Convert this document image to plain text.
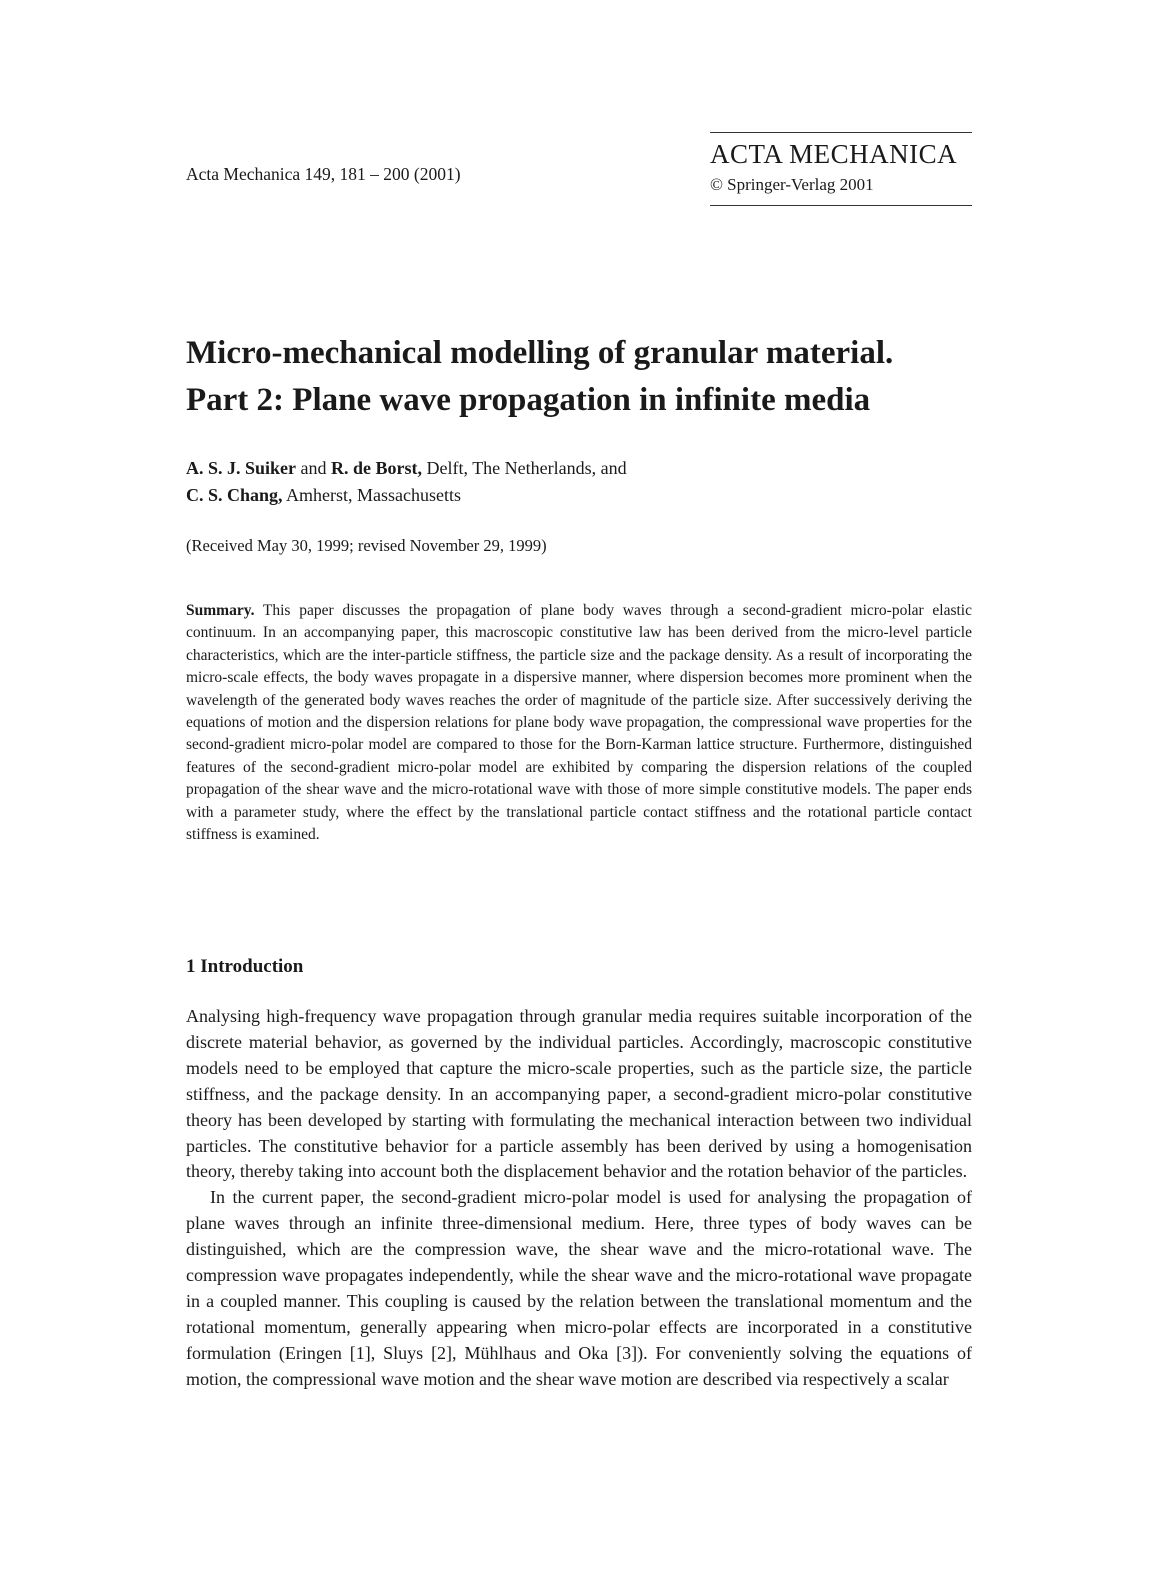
Acta Mechanica 149, 181 – 200 (2001)
ACTA MECHANICA
© Springer-Verlag 2001
Micro-mechanical modelling of granular material.
Part 2: Plane wave propagation in infinite media
A. S. J. Suiker and R. de Borst, Delft, The Netherlands, and
C. S. Chang, Amherst, Massachusetts
(Received May 30, 1999; revised November 29, 1999)
Summary. This paper discusses the propagation of plane body waves through a second-gradient micro-polar elastic continuum. In an accompanying paper, this macroscopic constitutive law has been derived from the micro-level particle characteristics, which are the inter-particle stiffness, the particle size and the package density. As a result of incorporating the micro-scale effects, the body waves propagate in a dispersive manner, where dispersion becomes more prominent when the wavelength of the generated body waves reaches the order of magnitude of the particle size. After successively deriving the equations of motion and the dispersion relations for plane body wave propagation, the compressional wave properties for the second-gradient micro-polar model are compared to those for the Born-Karman lattice structure. Furthermore, distinguished features of the second-gradient micro-polar model are exhibited by comparing the dispersion relations of the coupled propagation of the shear wave and the micro-rotational wave with those of more simple constitutive models. The paper ends with a parameter study, where the effect by the translational particle contact stiffness and the rotational particle contact stiffness is examined.
1 Introduction

Analysing high-frequency wave propagation through granular media requires suitable incorporation of the discrete material behavior, as governed by the individual particles. Accordingly, macroscopic constitutive models need to be employed that capture the micro-scale properties, such as the particle size, the particle stiffness, and the package density. In an accompanying paper, a second-gradient micro-polar constitutive theory has been developed by starting with formulating the mechanical interaction between two individual particles. The constitutive behavior for a particle assembly has been derived by using a homogenisation theory, thereby taking into account both the displacement behavior and the rotation behavior of the particles.

In the current paper, the second-gradient micro-polar model is used for analysing the propagation of plane waves through an infinite three-dimensional medium. Here, three types of body waves can be distinguished, which are the compression wave, the shear wave and the micro-rotational wave. The compression wave propagates independently, while the shear wave and the micro-rotational wave propagate in a coupled manner. This coupling is caused by the relation between the translational momentum and the rotational momentum, generally appearing when micro-polar effects are incorporated in a constitutive formulation (Eringen [1], Sluys [2], Mühlhaus and Oka [3]). For conveniently solving the equations of motion, the compressional wave motion and the shear wave motion are described via respectively a scalar
